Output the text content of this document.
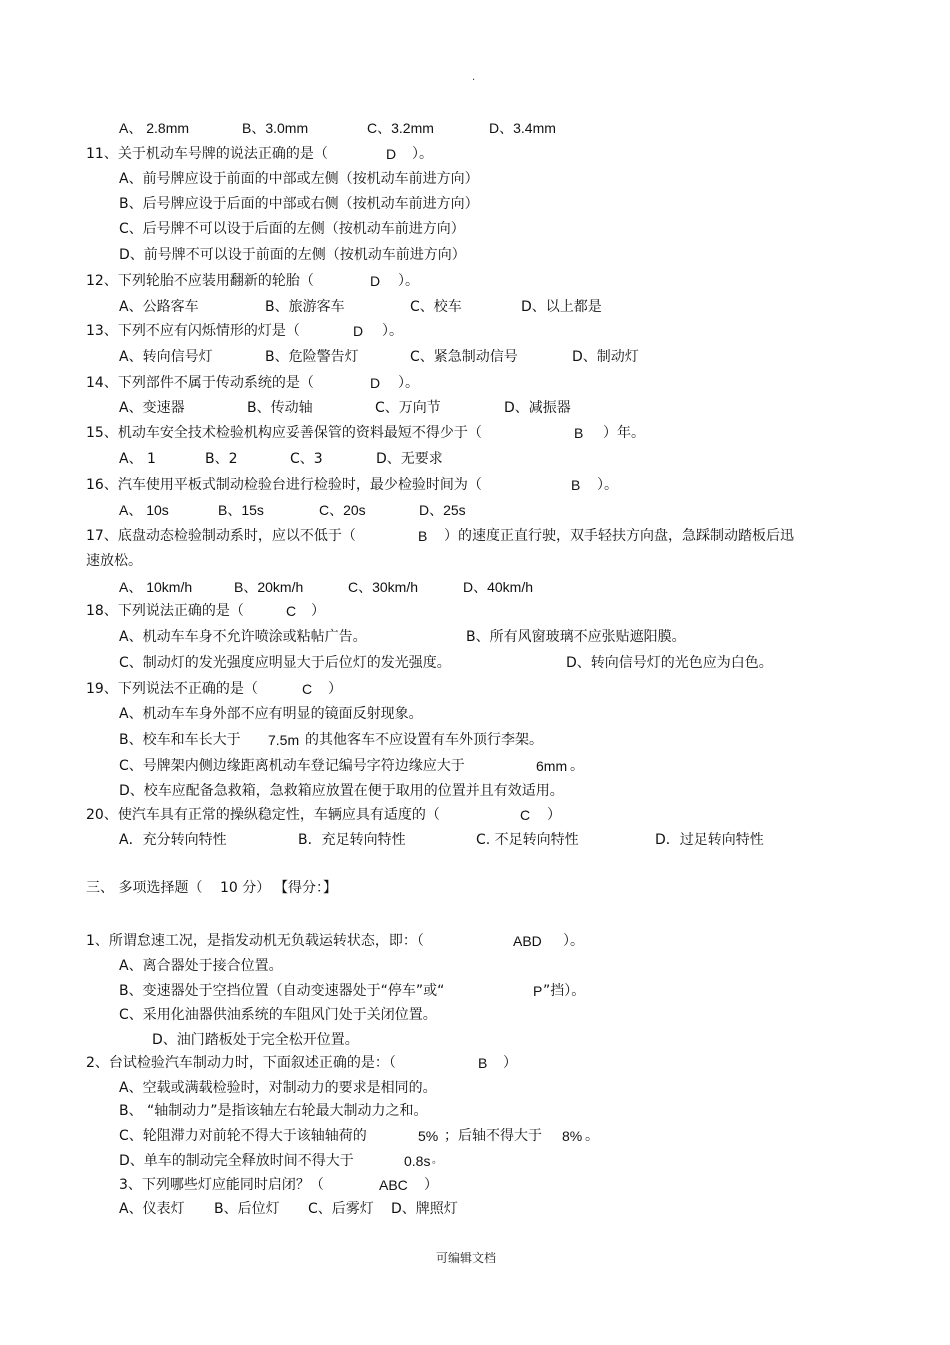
.
A、 2.8mm	B、3.0mm	C、3.2mm	D、3.4mm
11、关于机动车号牌的说法正确的是（	D ）。
A、前号牌应设于前面的中部或左侧（按机动车前进方向）
B、后号牌应设于后面的中部或右侧（按机动车前进方向）
C、后号牌不可以设于后面的左侧（按机动车前进方向）
D、前号牌不可以设于前面的左侧（按机动车前进方向）
12、下列轮胎不应装用翻新的轮胎（	D ）。
A、公路客车	B、旅游客车	C、校车	D、以上都是
13、下列不应有闪烁情形的灯是（	D ）。
A、转向信号灯	B、危险警告灯	C、紧急制动信号	D、制动灯
14、下列部件不属于传动系统的是（	D ）。
A、变速器	B、传动轴	C、万向节	D、减振器
15、机动车安全技术检验机构应妥善保管的资料最短不得少于（	B ）年。
A、 1	B、2	C、3	D、无要求
16、汽车使用平板式制动检验台进行检验时，最少检验时间为（	B ）。
A、 10s	B、15s	C、20s	D、25s
17、底盘动态检验制动系时，应以不低于（	B ）的速度正直行驶，双手轻扶方向盘，急踩制动踏板后迅
速放松。
A、 10km/h	B、20km/h	C、30km/h	D、40km/h
18、下列说法正确的是（	C ）
A、机动车车身不允许喷涂或粘帖广告。	B、所有风窗玻璃不应张贴遮阳膜。
C、制动灯的发光强度应明显大于后位灯的发光强度。	D、转向信号灯的光色应为白色。
19、下列说法不正确的是（	C ）
A、机动车车身外部不应有明显的镜面反射现象。
B、校车和车长大于 7.5m 的其他客车不应设置有车外顶行李架。
C、号牌架内侧边缘距离机动车登记编号字符边缘应大于	6mm 。
D、校车应配备急救箱，急救箱应放置在便于取用的位置并且有效适用。
20、使汽车具有正常的操纵稳定性，车辆应具有适度的（	C ）
A．充分转向特性	B．充足转向特性	C. 不足转向特性	D．过足转向特性
三、 多项选择题（ 10 分） 【得分：】
1、所谓怠速工况，是指发动机无负载运转状态，即：（	ABD ）。
A、离合器处于接合位置。
B、变速器处于空挡位置（自动变速器处于“停车”或“	P ”挡）。
C、采用化油器供油系统的车阻风门处于关闭位置。
D、油门踏板处于完全松开位置。
2、台试检验汽车制动力时，下面叙述正确的是：（	B ）
A、空载或满载检验时，对制动力的要求是相同的。
B、 “轴制动力”是指该轴左右轮最大制动力之和。
C、轮阻滞力对前轮不得大于该轴轴荷的	5% ；后轴不得大于 8% 。
D、单车的制动完全释放时间不得大于	0.8s 。
3、下列哪些灯应能同时启闭？（	ABC ）
A、仪表灯 B、后位灯 C、后雾灯 D、牌照灯
可编辑文档
